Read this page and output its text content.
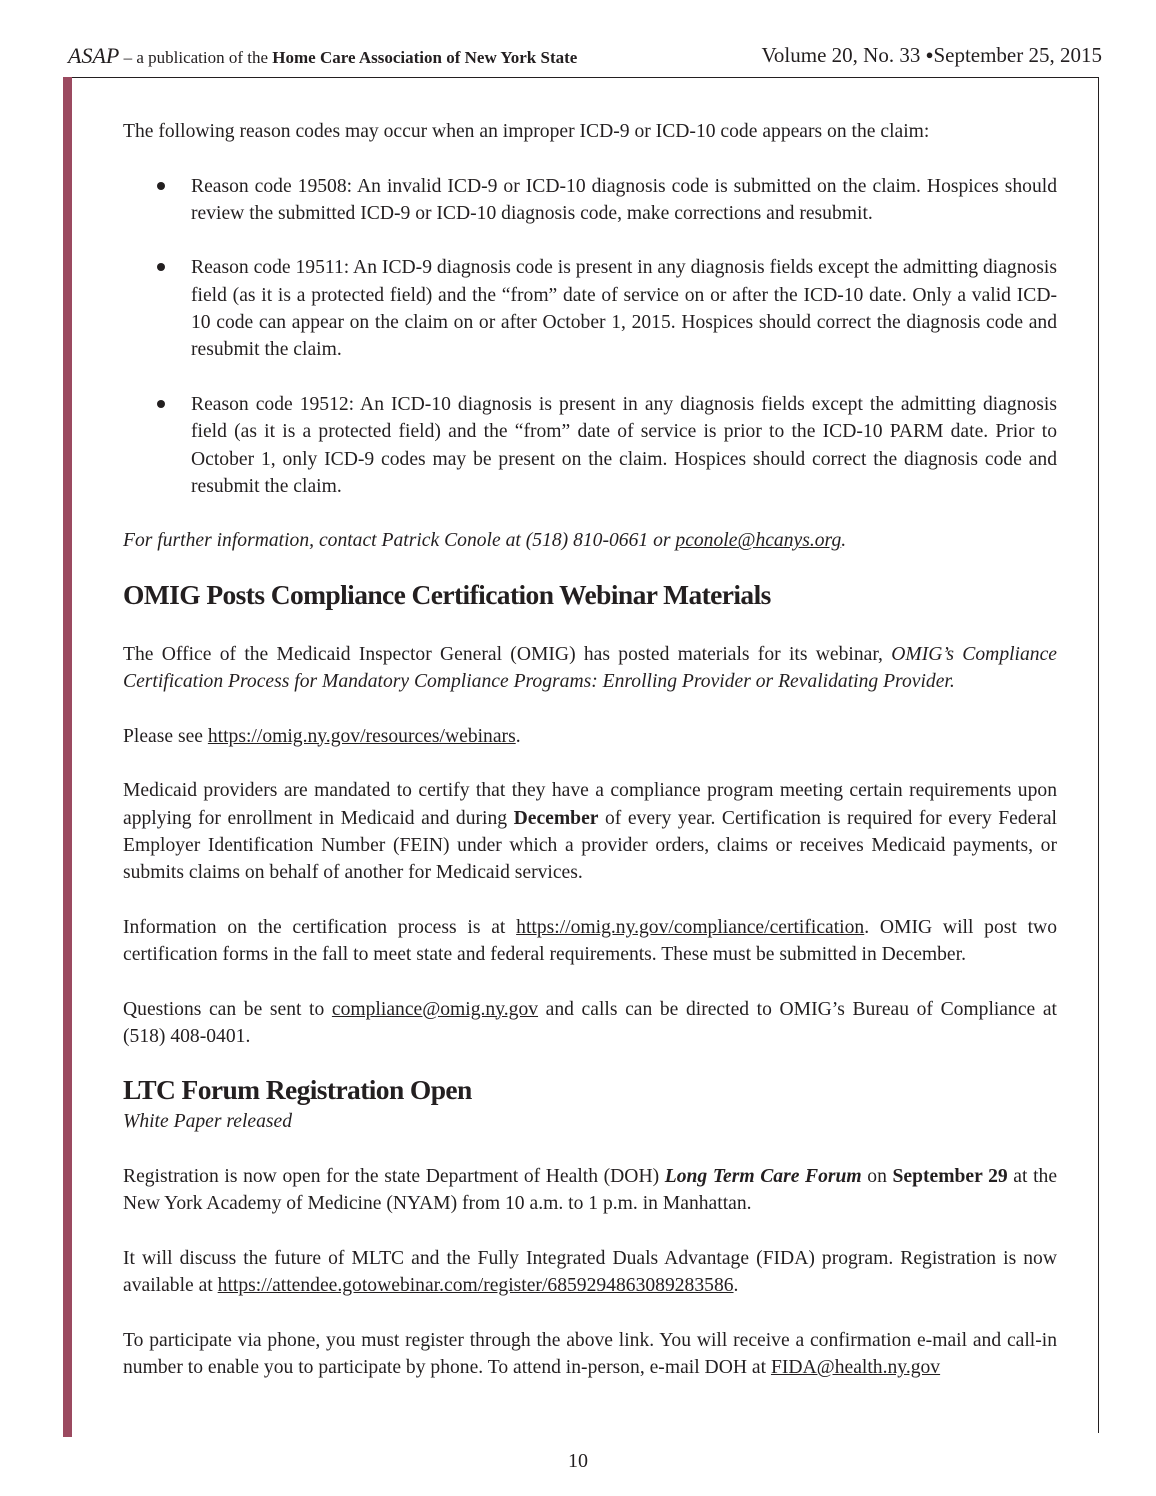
ASAP – a publication of the Home Care Association of New York State	Volume 20, No. 33 ●September 25, 2015

The following reason codes may occur when an improper ICD-9 or ICD-10 code appears on the claim:

Reason code 19508: An invalid ICD-9 or ICD-10 diagnosis code is submitted on the claim. Hospices should review the submitted ICD-9 or ICD-10 diagnosis code, make corrections and resubmit.
Reason code 19511: An ICD-9 diagnosis code is present in any diagnosis fields except the admitting diagnosis field (as it is a protected field) and the “from” date of service on or after the ICD-10 date. Only a valid ICD-10 code can appear on the claim on or after October 1, 2015. Hospices should correct the diagnosis code and resubmit the claim.
Reason code 19512: An ICD-10 diagnosis is present in any diagnosis fields except the admitting diagnosis field (as it is a protected field) and the “from” date of service is prior to the ICD-10 PARM date. Prior to October 1, only ICD-9 codes may be present on the claim. Hospices should correct the diagnosis code and resubmit the claim.

For further information, contact Patrick Conole at (518) 810-0661 or pconole@hcanys.org.

OMIG Posts Compliance Certification Webinar Materials

The Office of the Medicaid Inspector General (OMIG) has posted materials for its webinar, OMIG’s Compliance Certification Process for Mandatory Compliance Programs: Enrolling Provider or Revalidating Provider.

Please see https://omig.ny.gov/resources/webinars.

Medicaid providers are mandated to certify that they have a compliance program meeting certain requirements upon applying for enrollment in Medicaid and during December of every year. Certification is required for every Federal Employer Identification Number (FEIN) under which a provider orders, claims or receives Medicaid payments, or submits claims on behalf of another for Medicaid services.

Information on the certification process is at https://omig.ny.gov/compliance/certification. OMIG will post two certification forms in the fall to meet state and federal requirements. These must be submitted in December.

Questions can be sent to compliance@omig.ny.gov and calls can be directed to OMIG’s Bureau of Compliance at (518) 408-0401.

LTC Forum Registration Open

White Paper released

Registration is now open for the state Department of Health (DOH) Long Term Care Forum on September 29 at the New York Academy of Medicine (NYAM) from 10 a.m. to 1 p.m. in Manhattan.

It will discuss the future of MLTC and the Fully Integrated Duals Advantage (FIDA) program. Registration is now available at https://attendee.gotowebinar.com/register/6859294863089283586.

To participate via phone, you must register through the above link. You will receive a confirmation e-mail and call-in number to enable you to participate by phone. To attend in-person, e-mail DOH at FIDA@health.ny.gov

10
